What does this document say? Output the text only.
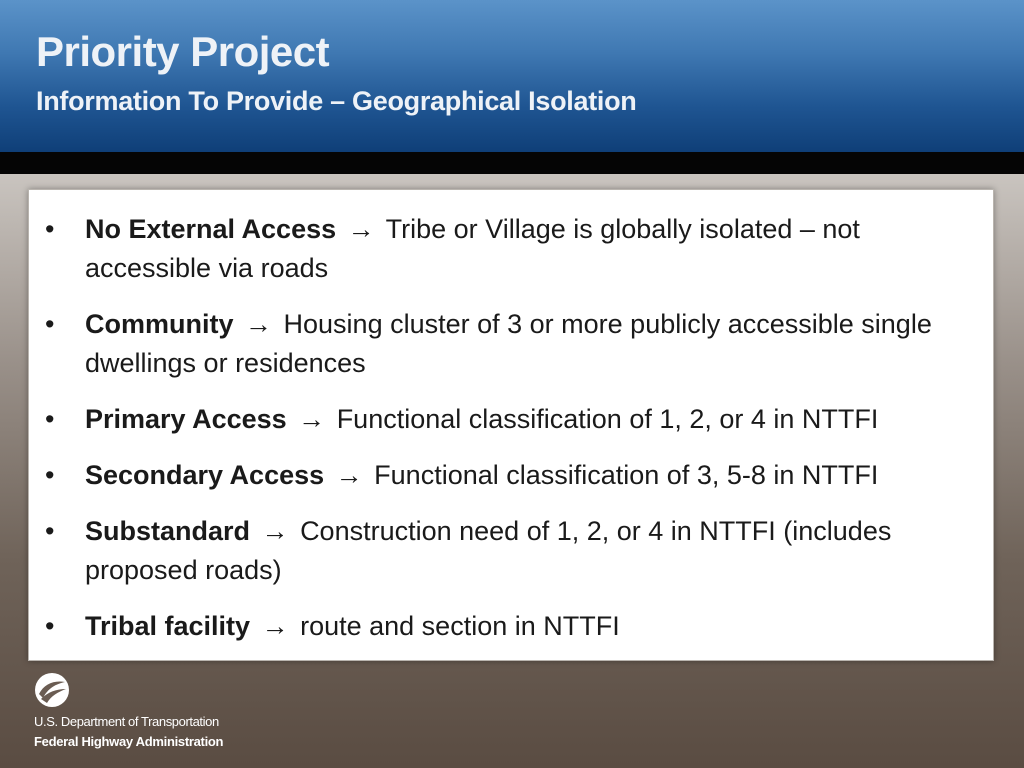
Priority Project
Information To Provide – Geographical Isolation
• No External Access → Tribe or Village is globally isolated – not accessible via roads
• Community → Housing cluster of 3 or more publicly accessible single dwellings or residences
• Primary Access → Functional classification of 1, 2, or 4 in NTTFI
• Secondary Access → Functional classification of 3, 5-8 in NTTFI
• Substandard → Construction need of 1, 2, or 4 in NTTFI (includes proposed roads)
• Tribal facility → route and section in NTTFI
U.S. Department of Transportation
Federal Highway Administration
